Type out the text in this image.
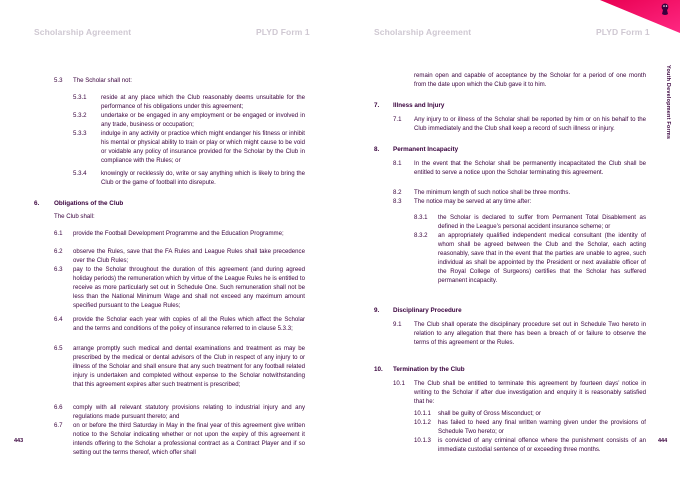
Scholarship Agreement	PLYD Form 1	Scholarship Agreement	PLYD Form 1
Youth Development Forms
5.3 The Scholar shall not:
5.3.1 reside at any place which the Club reasonably deems unsuitable for the performance of his obligations under this agreement;
5.3.2 undertake or be engaged in any employment or be engaged or involved in any trade, business or occupation;
5.3.3 indulge in any activity or practice which might endanger his fitness or inhibit his mental or physical ability to train or play or which might cause to be void or voidable any policy of insurance provided for the Scholar by the Club in compliance with the Rules; or
5.3.4 knowingly or recklessly do, write or say anything which is likely to bring the Club or the game of football into disrepute.
6. Obligations of the Club
The Club shall:
6.1 provide the Football Development Programme and the Education Programme;
6.2 observe the Rules, save that the FA Rules and League Rules shall take precedence over the Club Rules;
6.3 pay to the Scholar throughout the duration of this agreement (and during agreed holiday periods) the remuneration which by virtue of the League Rules he is entitled to receive as more particularly set out in Schedule One. Such remuneration shall not be less than the National Minimum Wage and shall not exceed any maximum amount specified pursuant to the League Rules;
6.4 provide the Scholar each year with copies of all the Rules which affect the Scholar and the terms and conditions of the policy of insurance referred to in clause 5.3.3;
6.5 arrange promptly such medical and dental examinations and treatment as may be prescribed by the medical or dental advisors of the Club in respect of any injury to or illness of the Scholar and shall ensure that any such treatment for any football related injury is undertaken and completed without expense to the Scholar notwithstanding that this agreement expires after such treatment is prescribed;
6.6 comply with all relevant statutory provisions relating to industrial injury and any regulations made pursuant thereto; and
6.7 on or before the third Saturday in May in the final year of this agreement give written notice to the Scholar indicating whether or not upon the expiry of this agreement it intends offering to the Scholar a professional contract as a Contract Player and if so setting out the terms thereof, which offer shall
remain open and capable of acceptance by the Scholar for a period of one month from the date upon which the Club gave it to him.
7. Illness and Injury
7.1 Any injury to or illness of the Scholar shall be reported by him or on his behalf to the Club immediately and the Club shall keep a record of such illness or injury.
8. Permanent Incapacity
8.1 In the event that the Scholar shall be permanently incapacitated the Club shall be entitled to serve a notice upon the Scholar terminating this agreement.
8.2 The minimum length of such notice shall be three months.
8.3 The notice may be served at any time after:
8.3.1 the Scholar is declared to suffer from Permanent Total Disablement as defined in the League’s personal accident insurance scheme; or
8.3.2 an appropriately qualified independent medical consultant (the identity of whom shall be agreed between the Club and the Scholar, each acting reasonably, save that in the event that the parties are unable to agree, such individual as shall be appointed by the President or next available officer of the Royal College of Surgeons) certifies that the Scholar has suffered permanent incapacity.
9. Disciplinary Procedure
9.1 The Club shall operate the disciplinary procedure set out in Schedule Two hereto in relation to any allegation that there has been a breach of or failure to observe the terms of this agreement or the Rules.
10. Termination by the Club
10.1 The Club shall be entitled to terminate this agreement by fourteen days’ notice in writing to the Scholar if after due investigation and enquiry it is reasonably satisfied that he:
10.1.1 shall be guilty of Gross Misconduct; or
10.1.2 has failed to heed any final written warning given under the provisions of Schedule Two hereto; or
10.1.3 is convicted of any criminal offence where the punishment consists of an immediate custodial sentence of or exceeding three months.
443	444
